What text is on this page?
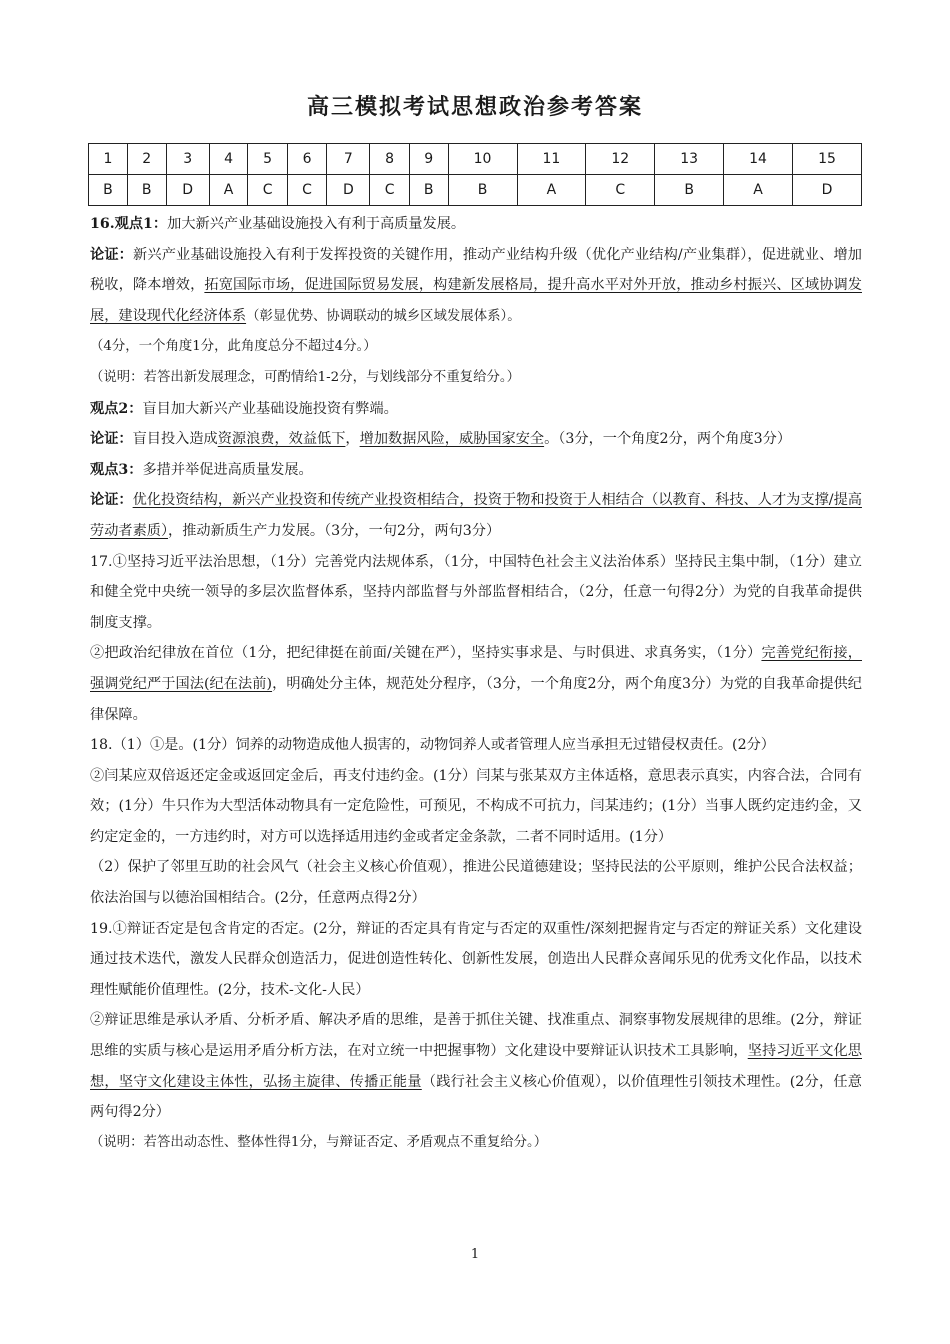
高三模拟考试思想政治参考答案
1	2	3	4	5	6	7	8	9	10	11	12	13	14	15
B	B	D	A	C	C	D	C	B	B	A	C	B	A	D

16.观点1：加大新兴产业基础设施投入有利于高质量发展。

论证：新兴产业基础设施投入有利于发挥投资的关键作用，推动产业结构升级（优化产业结构/产业集群），促进就业、增加税收，降本增效，拓宽国际市场，促进国际贸易发展，构建新发展格局，提升高水平对外开放，推动乡村振兴、区域协调发展，建设现代化经济体系（彰显优势、协调联动的城乡区域发展体系）。

（4分，一个角度1分，此角度总分不超过4分。）

（说明：若答出新发展理念，可酌情给1-2分，与划线部分不重复给分。）

观点2：盲目加大新兴产业基础设施投资有弊端。

论证：盲目投入造成资源浪费，效益低下，增加数据风险，威胁国家安全。（3分，一个角度2分，两个角度3分）

观点3：多措并举促进高质量发展。

论证：优化投资结构，新兴产业投资和传统产业投资相结合，投资于物和投资于人相结合（以教育、科技、人才为支撑/提高劳动者素质），推动新质生产力发展。（3分，一句2分，两句3分）

17.①坚持习近平法治思想，（1分）完善党内法规体系，（1分，中国特色社会主义法治体系）坚持民主集中制，（1分）建立和健全党中央统一领导的多层次监督体系，坚持内部监督与外部监督相结合，（2分，任意一句得2分）为党的自我革命提供制度支撑。

②把政治纪律放在首位（1分，把纪律挺在前面/关键在严），坚持实事求是、与时俱进、求真务实，（1分）完善党纪衔接，强调党纪严于国法(纪在法前)，明确处分主体，规范处分程序，（3分，一个角度2分，两个角度3分）为党的自我革命提供纪律保障。

18.（1）①是。(1分）饲养的动物造成他人损害的，动物饲养人或者管理人应当承担无过错侵权责任。(2分）

②闫某应双倍返还定金或返回定金后，再支付违约金。(1分）闫某与张某双方主体适格，意思表示真实，内容合法，合同有效；(1分）牛只作为大型活体动物具有一定危险性，可预见，不构成不可抗力，闫某违约；(1分）当事人既约定违约金，又约定定金的，一方违约时，对方可以选择适用违约金或者定金条款，二者不同时适用。(1分）

（2）保护了邻里互助的社会风气（社会主义核心价值观），推进公民道德建设；坚持民法的公平原则，维护公民合法权益；依法治国与以德治国相结合。(2分，任意两点得2分）

19.①辩证否定是包含肯定的否定。(2分，辩证的否定具有肯定与否定的双重性/深刻把握肯定与否定的辩证关系）文化建设通过技术迭代，激发人民群众创造活力，促进创造性转化、创新性发展，创造出人民群众喜闻乐见的优秀文化作品，以技术理性赋能价值理性。(2分，技术-文化-人民）

②辩证思维是承认矛盾、分析矛盾、解决矛盾的思维，是善于抓住关键、找准重点、洞察事物发展规律的思维。(2分，辩证思维的实质与核心是运用矛盾分析方法，在对立统一中把握事物）文化建设中要辩证认识技术工具影响，坚持习近平文化思想，坚守文化建设主体性，弘扬主旋律、传播正能量（践行社会主义核心价值观），以价值理性引领技术理性。(2分，任意两句得2分）

（说明：若答出动态性、整体性得1分，与辩证否定、矛盾观点不重复给分。）

1
